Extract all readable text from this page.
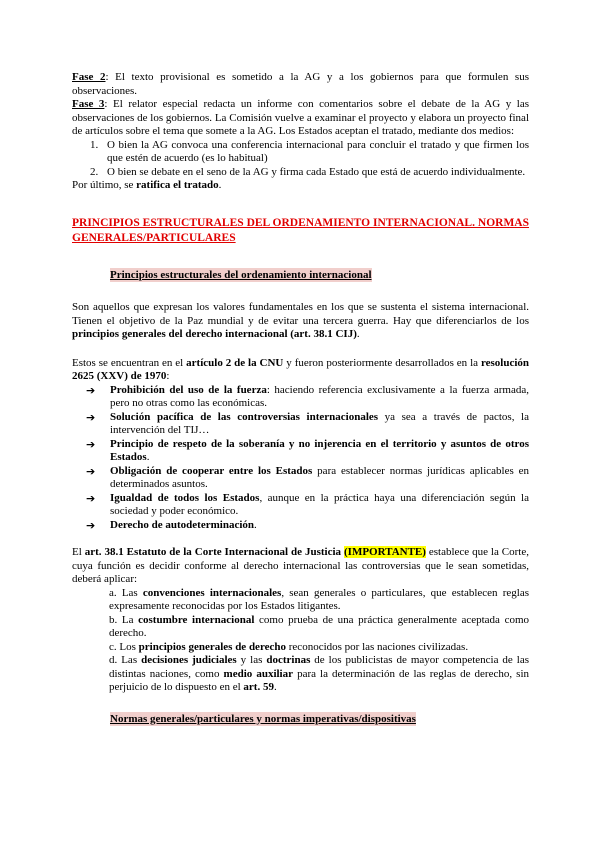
Fase 2: El texto provisional es sometido a la AG y a los gobiernos para que formulen sus observaciones.

Fase 3: El relator especial redacta un informe con comentarios sobre el debate de la AG y las observaciones de los gobiernos. La Comisión vuelve a examinar el proyecto y elabora un proyecto final de artículos sobre el tema que somete a la AG. Los Estados aceptan el tratado, mediante dos medios:

1. O bien la AG convoca una conferencia internacional para concluir el tratado y que firmen los que estén de acuerdo (es lo habitual)
2. O bien se debate en el seno de la AG y firma cada Estado que está de acuerdo individualmente.

Por último, se ratifica el tratado.

PRINCIPIOS ESTRUCTURALES DEL ORDENAMIENTO INTERNACIONAL. NORMAS GENERALES/PARTICULARES

Principios estructurales del ordenamiento internacional

Son aquellos que expresan los valores fundamentales en los que se sustenta el sistema internacional. Tienen el objetivo de la Paz mundial y de evitar una tercera guerra. Hay que diferenciarlos de los principios generales del derecho internacional (art. 38.1 CIJ).

Estos se encuentran en el artículo 2 de la CNU y fueron posteriormente desarrollados en la resolución 2625 (XXV) de 1970:

➔ Prohibición del uso de la fuerza: haciendo referencia exclusivamente a la fuerza armada, pero no otras como las económicas.
➔ Solución pacífica de las controversias internacionales ya sea a través de pactos, la intervención del TIJ…
➔ Principio de respeto de la soberanía y no injerencia en el territorio y asuntos de otros Estados.
➔ Obligación de cooperar entre los Estados para establecer normas jurídicas aplicables en determinados asuntos.
➔ Igualdad de todos los Estados, aunque en la práctica haya una diferenciación según la sociedad y poder económico.
➔ Derecho de autodeterminación.

El art. 38.1 Estatuto de la Corte Internacional de Justicia (IMPORTANTE) establece que la Corte, cuya función es decidir conforme al derecho internacional las controversias que le sean sometidas, deberá aplicar:

a. Las convenciones internacionales, sean generales o particulares, que establecen reglas expresamente reconocidas por los Estados litigantes.

b. La costumbre internacional como prueba de una práctica generalmente aceptada como derecho.

c. Los principios generales de derecho reconocidos por las naciones civilizadas.

d. Las decisiones judiciales y las doctrinas de los publicistas de mayor competencia de las distintas naciones, como medio auxiliar para la determinación de las reglas de derecho, sin perjuicio de lo dispuesto en el art. 59.

Normas generales/particulares y normas imperativas/dispositivas
